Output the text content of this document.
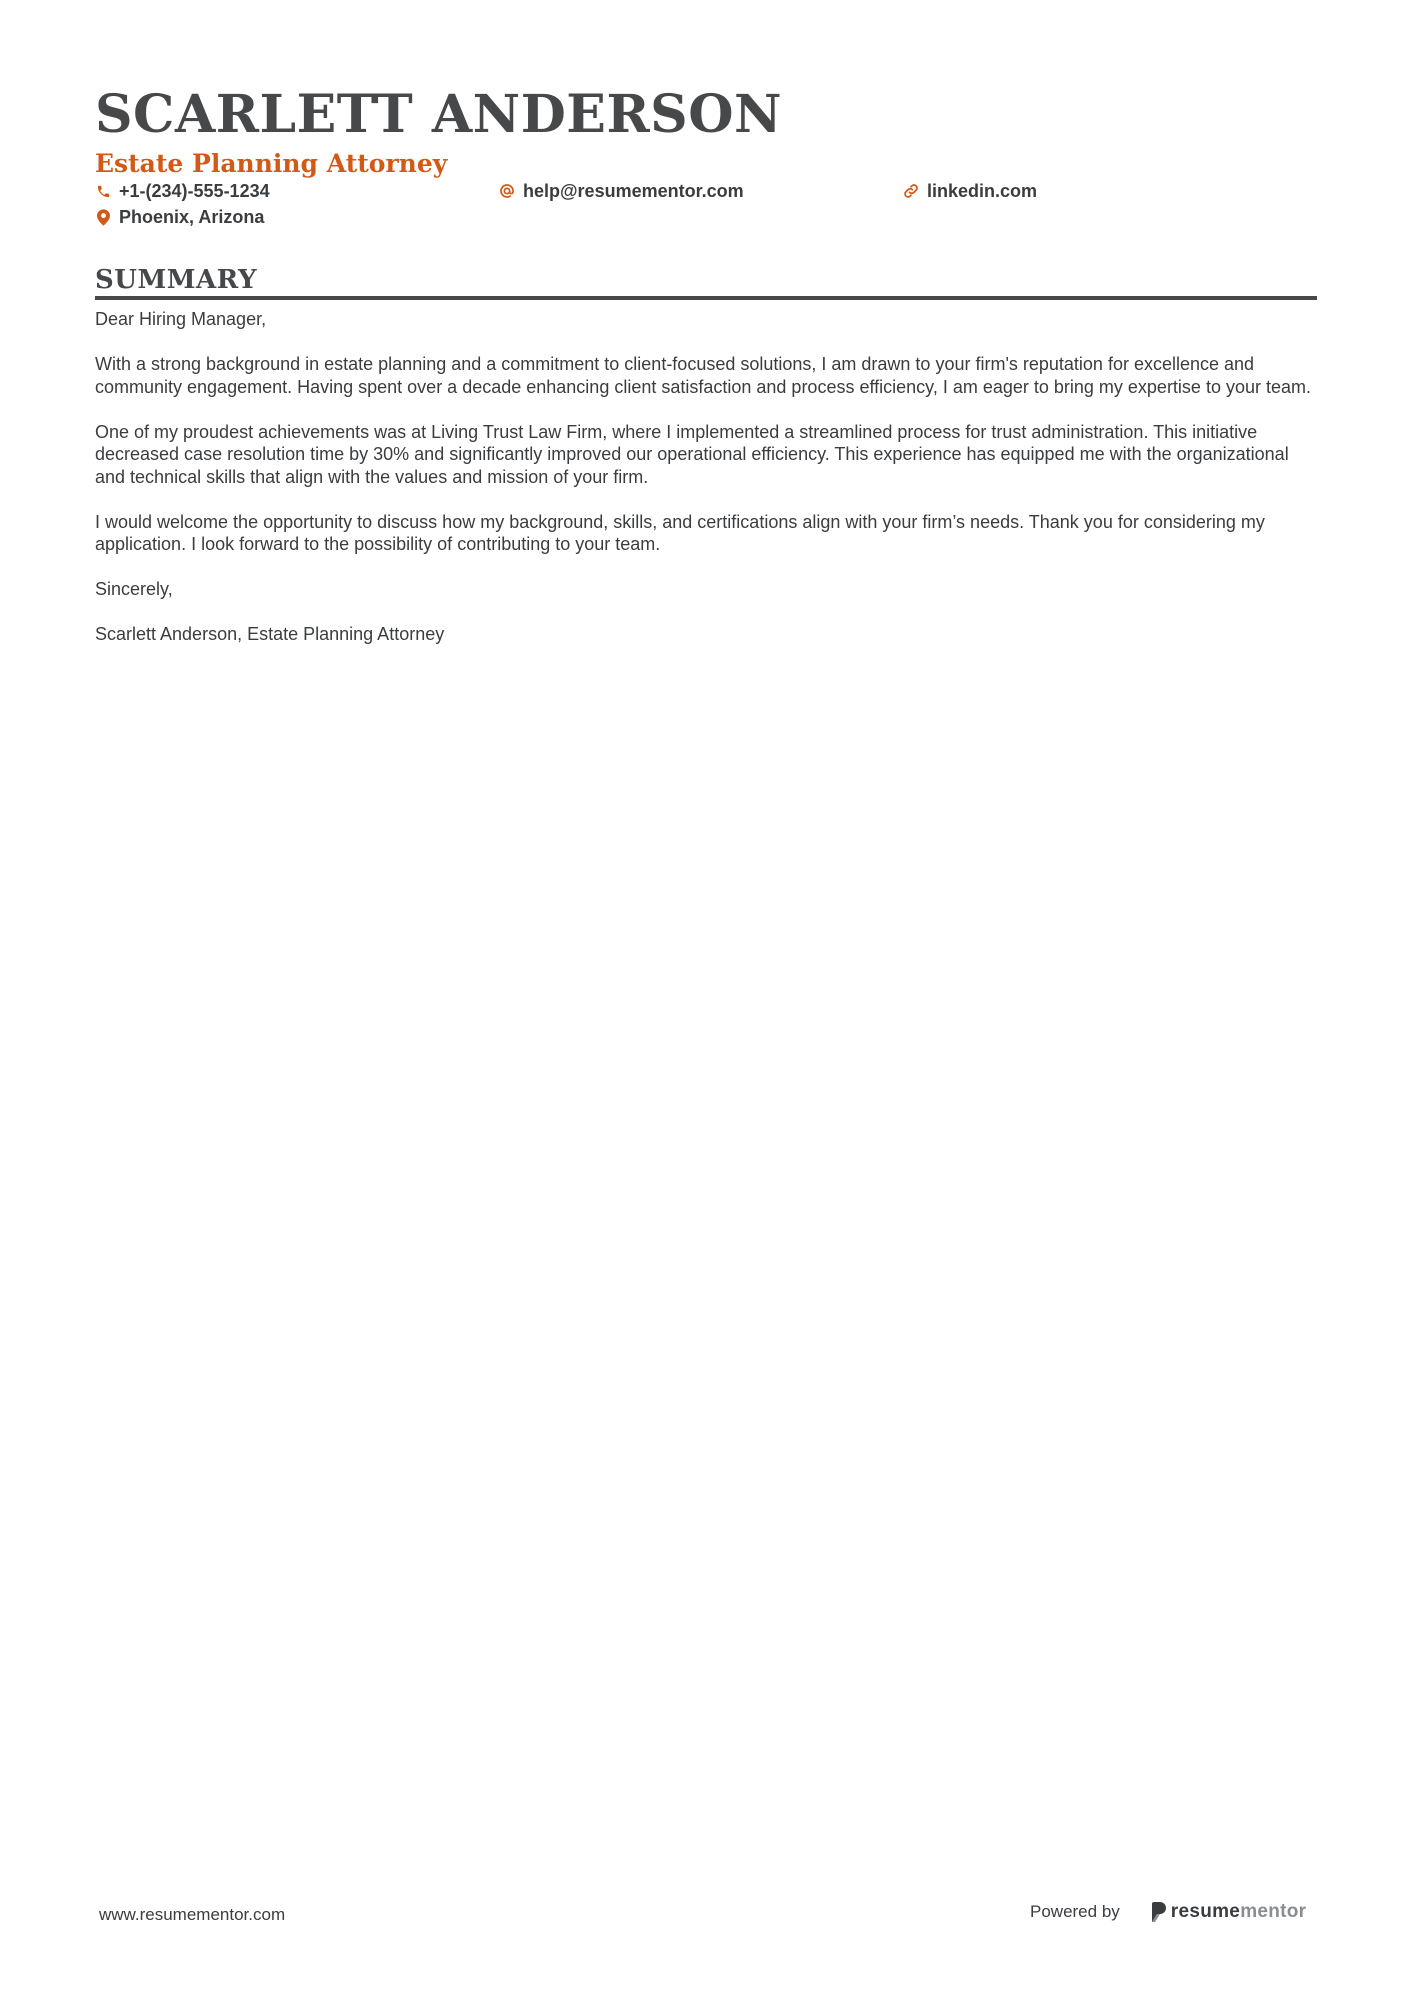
SCARLETT ANDERSON
Estate Planning Attorney
+1-(234)-555-1234	help@resumementor.com	linkedin.com
Phoenix, Arizona
SUMMARY

Dear Hiring Manager,

With a strong background in estate planning and a commitment to client-focused solutions, I am drawn to your firm's reputation for excellence and community engagement. Having spent over a decade enhancing client satisfaction and process efficiency, I am eager to bring my expertise to your team.

One of my proudest achievements was at Living Trust Law Firm, where I implemented a streamlined process for trust administration. This initiative decreased case resolution time by 30% and significantly improved our operational efficiency. This experience has equipped me with the organizational and technical skills that align with the values and mission of your firm.

I would welcome the opportunity to discuss how my background, skills, and certifications align with your firm’s needs. Thank you for considering my application. I look forward to the possibility of contributing to your team.

Sincerely,

Scarlett Anderson, Estate Planning Attorney

www.resumementor.com	Powered by	resume mentor
